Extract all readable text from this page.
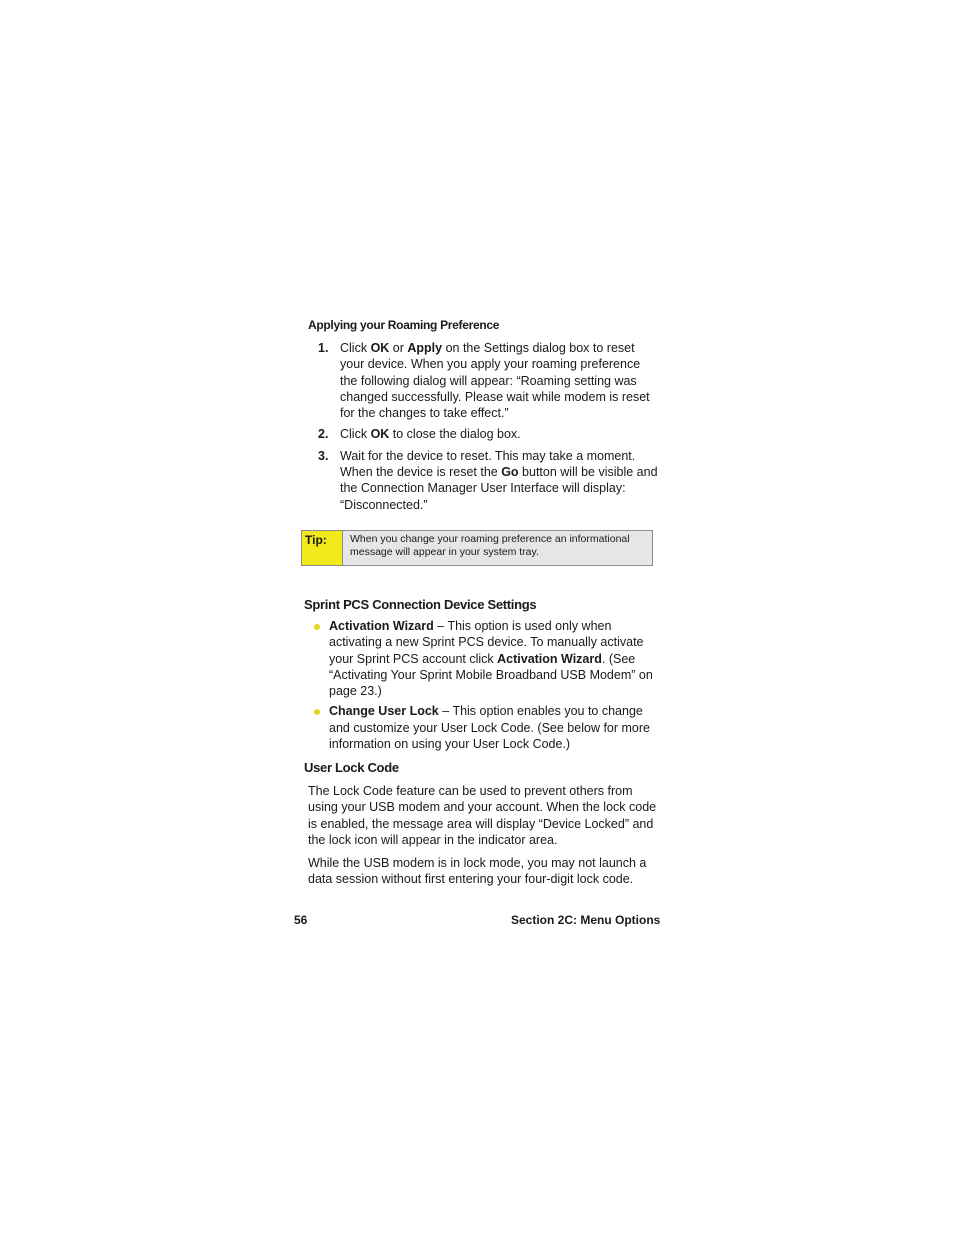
Applying your Roaming Preference
1. Click OK or Apply on the Settings dialog box to reset your device. When you apply your roaming preference the following dialog will appear: “Roaming setting was changed successfully. Please wait while modem is reset for the changes to take effect.”
2. Click OK to close the dialog box.
3. Wait for the device to reset. This may take a moment. When the device is reset the Go button will be visible and the Connection Manager User Interface will display: “Disconnected.”
Tip:	When you change your roaming preference an informational message will appear in your system tray.
Sprint PCS Connection Device Settings
Activation Wizard – This option is used only when activating a new Sprint PCS device. To manually activate your Sprint PCS account click Activation Wizard. (See “Activating Your Sprint Mobile Broadband USB Modem” on page 23.)
Change User Lock – This option enables you to change and customize your User Lock Code. (See below for more information on using your User Lock Code.)
User Lock Code
The Lock Code feature can be used to prevent others from using your USB modem and your account. When the lock code is enabled, the message area will display “Device Locked” and the lock icon will appear in the indicator area.
While the USB modem is in lock mode, you may not launch a data session without first entering your four-digit lock code.
56	Section 2C: Menu Options
